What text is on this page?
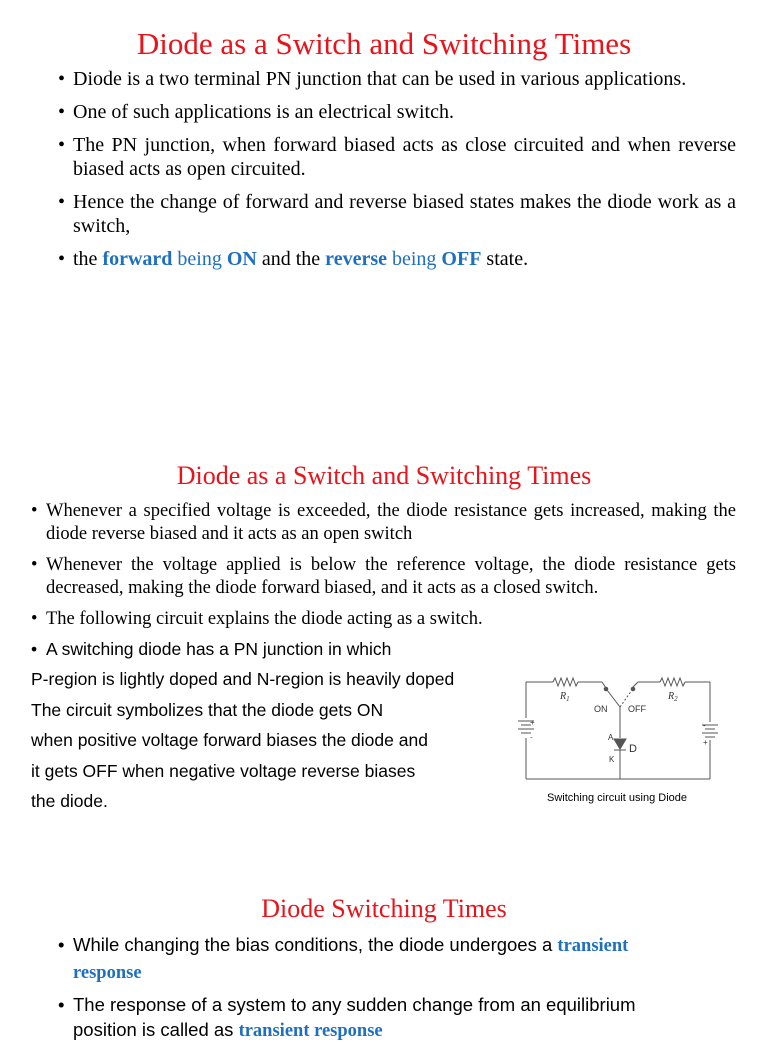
Diode as a Switch and Switching Times
• Diode is a two terminal PN junction that can be used in various applications.
• One of such applications is an electrical switch.
• The PN junction, when forward biased acts as close circuited and when reverse biased acts as open circuited.
• Hence the change of forward and reverse biased states makes the diode work as a switch,
• the forward being ON and the reverse being OFF state.
Diode as a Switch and Switching Times
• Whenever a specified voltage is exceeded, the diode resistance gets increased, making the diode reverse biased and it acts as an open switch
• Whenever the voltage applied is below the reference voltage, the diode resistance gets decreased, making the diode forward biased, and it acts as a closed switch.
• The following circuit explains the diode acting as a switch.
• A switching diode has a PN junction in which
P-region is lightly doped and N-region is heavily doped
The circuit symbolizes that the diode gets ON
when positive voltage forward biases the diode and
it gets OFF when negative voltage reverse biases
the diode.
$R_1$	$R_2$
ON OFF
A
K
D
+
-
-
+
Switching circuit using Diode
Diode Switching Times
• While changing the bias conditions, the diode undergoes a transient response
• The response of a system to any sudden change from an equilibrium position is called as transient response
